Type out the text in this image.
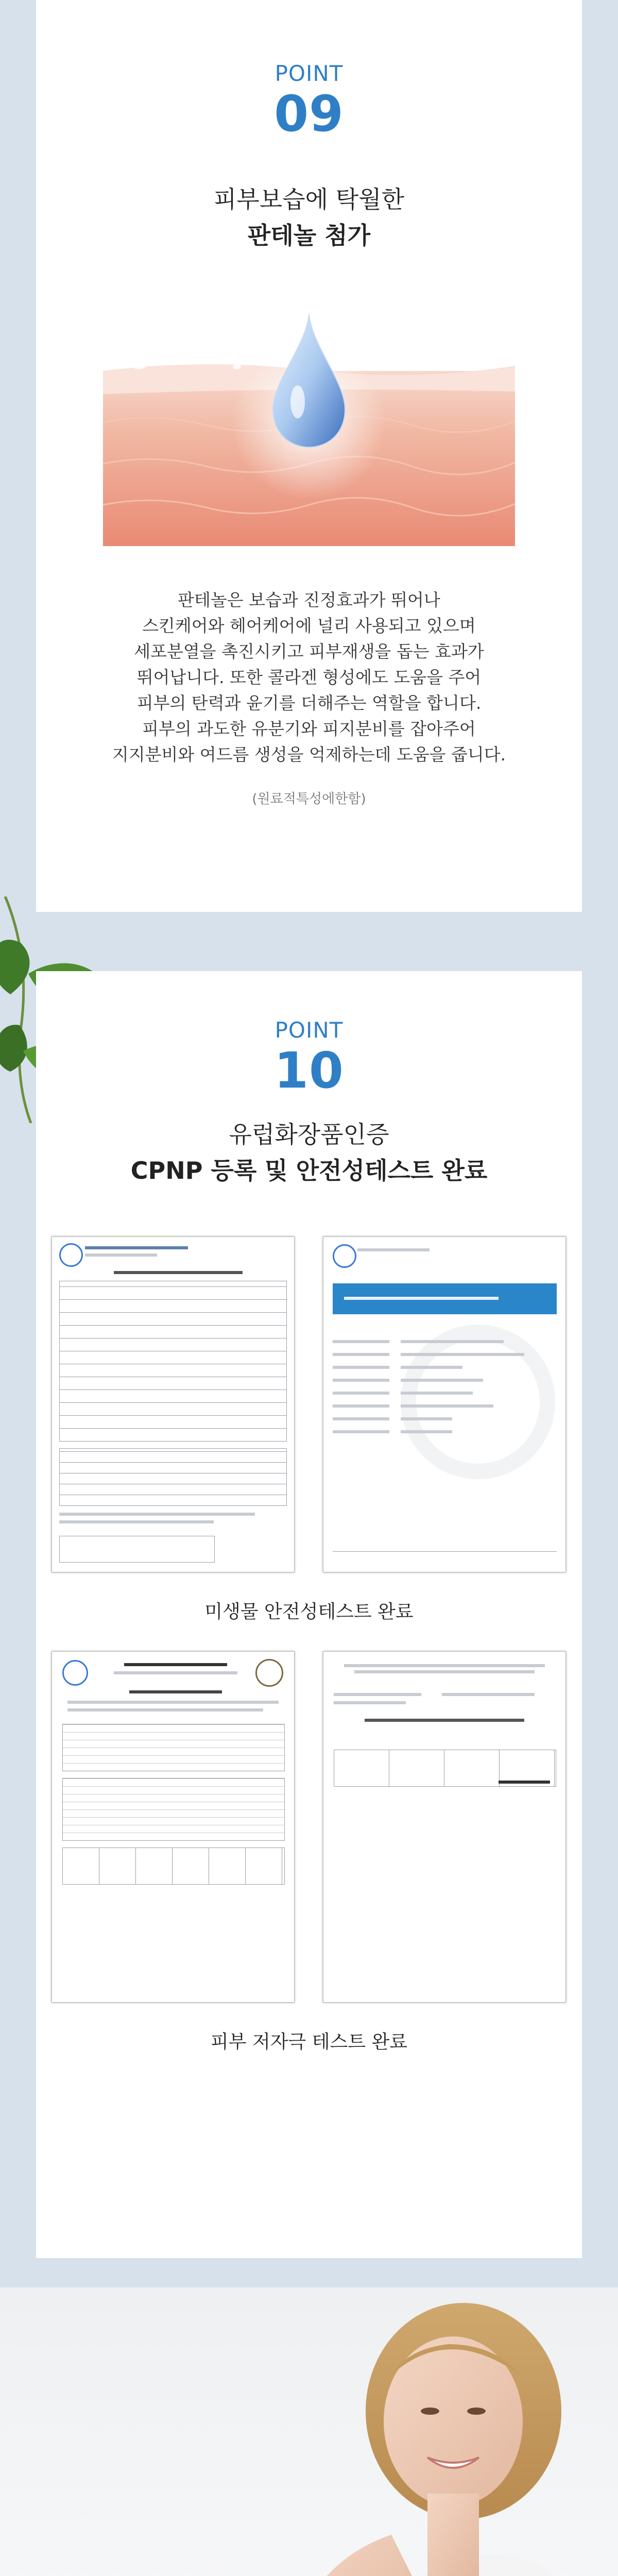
POINT
09
피부보습에 탁월한
판테놀 첨가
판테놀은 보습과 진정효과가 뛰어나
스킨케어와 헤어케어에 널리 사용되고 있으며
세포분열을 촉진시키고 피부재생을 돕는 효과가
뛰어납니다. 또한 콜라겐 형성에도 도움을 주어
피부의 탄력과 윤기를 더해주는 역할을 합니다.
피부의 과도한 유분기와 피지분비를 잡아주어
지지분비와 여드름 생성을 억제하는데 도움을 줍니다.
(원료적특성에한함)
POINT
10
유럽화장품인증
CPNP 등록 및 안전성테스트 완료
미생물 안전성테스트 완료
피부 저자극 테스트 완료
